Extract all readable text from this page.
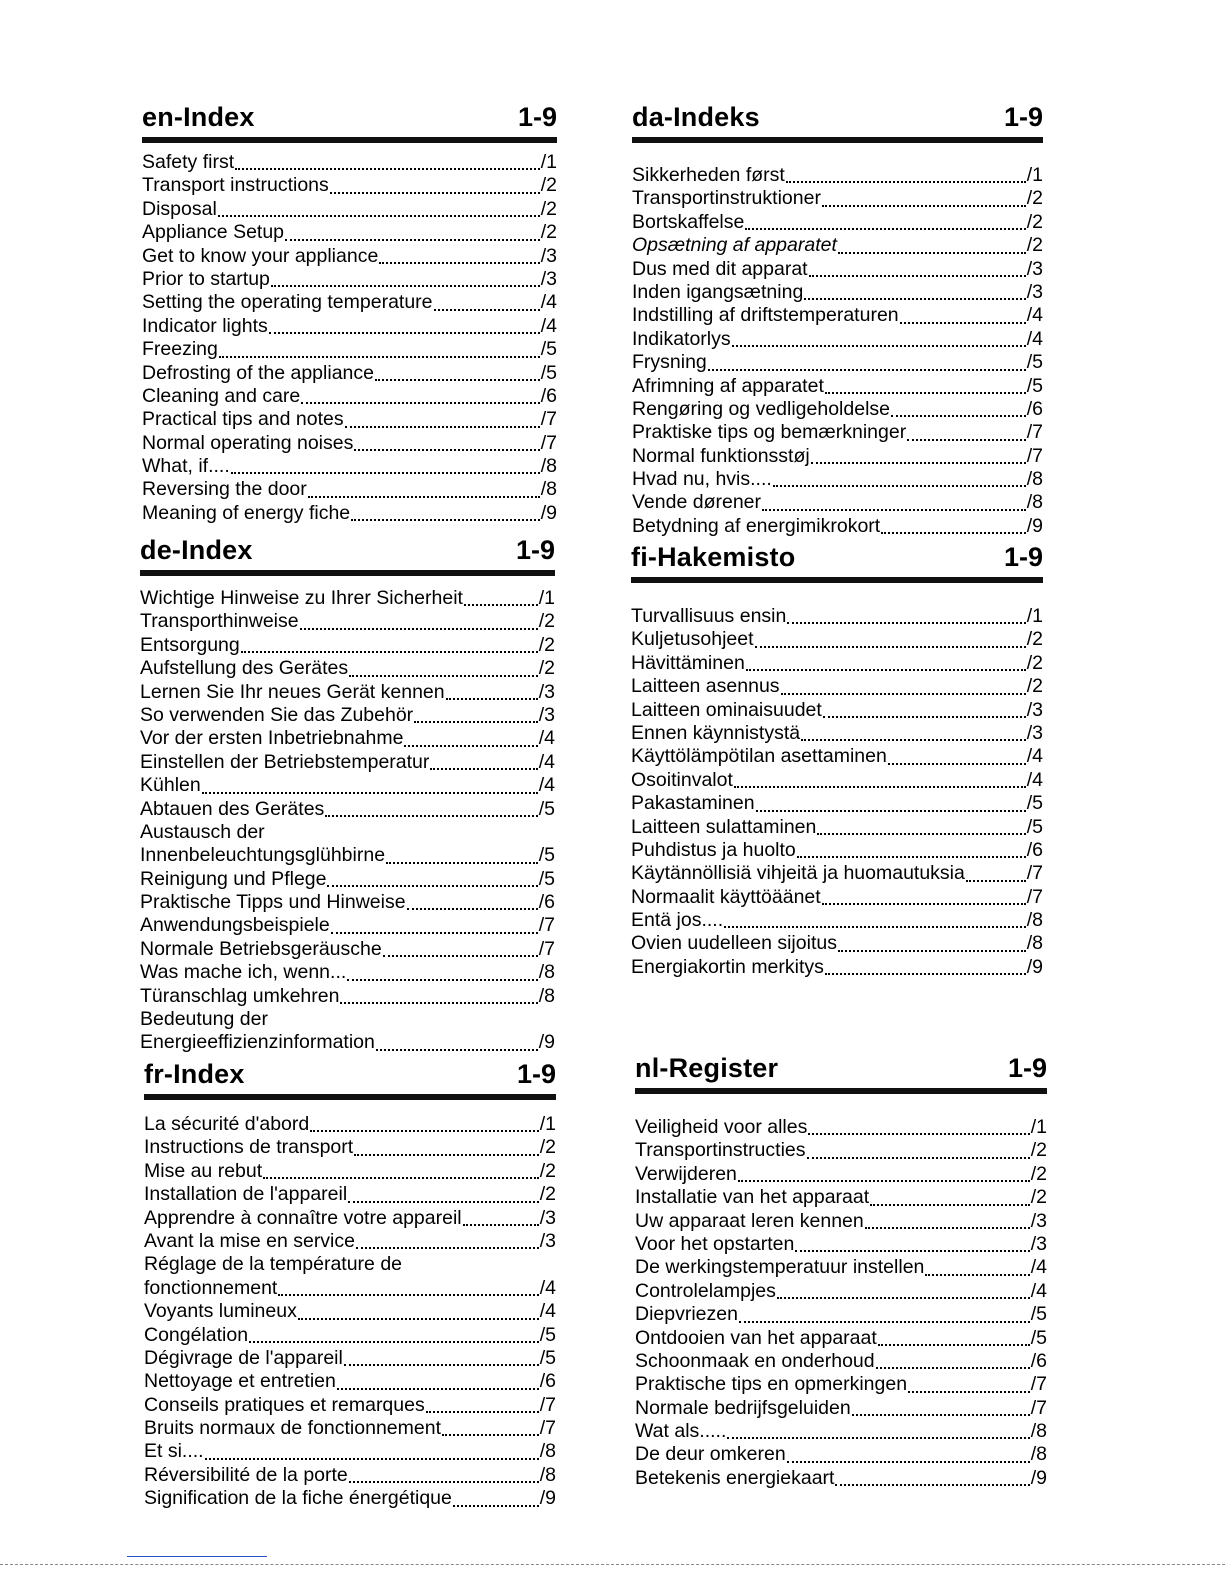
en-Index	1-9
Safety first	/1
Transport instructions	/2
Disposal	/2
Appliance Setup	/2
Get to know your appliance	/3
Prior to startup	/3
Setting the operating temperature	/4
Indicator lights	/4
Freezing	/5
Defrosting of the appliance	/5
Cleaning and care	/6
Practical tips and notes	/7
Normal operating noises	/7
What, if....	/8
Reversing the door	/8
Meaning of energy fiche	/9
da-Indeks	1-9
Sikkerheden først	/1
Transportinstruktioner	/2
Bortskaffelse	/2
Opsætning af apparatet	/2
Dus med dit apparat	/3
Inden igangsætning	/3
Indstilling af driftstemperaturen	/4
Indikatorlys	/4
Frysning	/5
Afrimning af apparatet	/5
Rengøring og vedligeholdelse	/6
Praktiske tips og bemærkninger	/7
Normal funktionsstøj	/7
Hvad nu, hvis....	/8
Vende dørener	/8
Betydning af energimikrokort	/9
de-Index	1-9
Wichtige Hinweise zu Ihrer Sicherheit	/1
Transporthinweise	/2
Entsorgung	/2
Aufstellung des Gerätes	/2
Lernen Sie Ihr neues Gerät kennen	/3
So verwenden Sie das Zubehör	/3
Vor der ersten Inbetriebnahme	/4
Einstellen der Betriebstemperatur	/4
Kühlen	/4
Abtauen des Gerätes	/5
Austausch der
Innenbeleuchtungsglühbirne	/5
Reinigung und Pflege	/5
Praktische Tipps und Hinweise	/6
Anwendungsbeispiele	/7
Normale Betriebsgeräusche	/7
Was mache ich, wenn...	/8
Türanschlag umkehren	/8
Bedeutung der
Energieeffizienzinformation	/9
fi-Hakemisto	1-9
Turvallisuus ensin	/1
Kuljetusohjeet	/2
Hävittäminen	/2
Laitteen asennus	/2
Laitteen ominaisuudet	/3
Ennen käynnistystä	/3
Käyttölämpötilan asettaminen	/4
Osoitinvalot	/4
Pakastaminen	/5
Laitteen sulattaminen	/5
Puhdistus ja huolto	/6
Käytännöllisiä vihjeitä ja huomautuksia	/7
Normaalit käyttöäänet	/7
Entä jos....	/8
Ovien uudelleen sijoitus	/8
Energiakortin merkitys	/9
fr-Index	1-9
La sécurité d'abord	/1
Instructions de transport	/2
Mise au rebut	/2
Installation de l'appareil	/2
Apprendre à connaître votre appareil	/3
Avant la mise en service	/3
Réglage de la température de
fonctionnement	/4
Voyants lumineux	/4
Congélation	/5
Dégivrage de l'appareil	/5
Nettoyage et entretien	/6
Conseils pratiques et remarques	/7
Bruits normaux de fonctionnement	/7
Et si....	/8
Réversibilité de la porte	/8
Signification de la fiche énergétique	/9
nl-Register	1-9
Veiligheid voor alles	/1
Transportinstructies	/2
Verwijderen	/2
Installatie van het apparaat	/2
Uw apparaat leren kennen	/3
Voor het opstarten	/3
De werkingstemperatuur instellen	/4
Controlelampjes	/4
Diepvriezen	/5
Ontdooien van het apparaat	/5
Schoonmaak en onderhoud	/6
Praktische tips en opmerkingen	/7
Normale bedrijfsgeluiden	/7
Wat als.....	/8
De deur omkeren	/8
Betekenis energiekaart	/9
